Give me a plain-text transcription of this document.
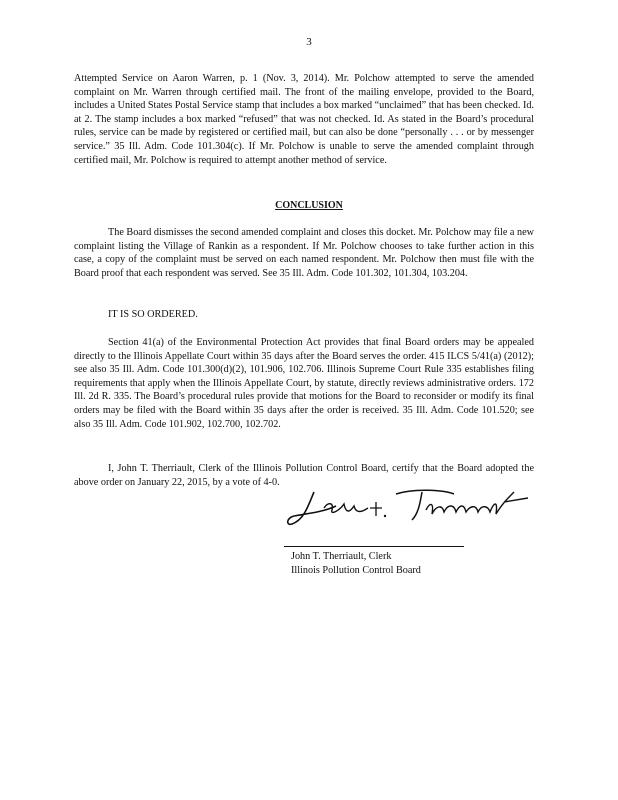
3

Attempted Service on Aaron Warren, p. 1 (Nov. 3, 2014). Mr. Polchow attempted to serve the amended complaint on Mr. Warren through certified mail. The front of the mailing envelope, provided to the Board, includes a United States Postal Service stamp that includes a box marked “unclaimed” that has been checked. Id. at 2. The stamp includes a box marked “refused” that was not checked. Id. As stated in the Board’s procedural rules, service can be made by registered or certified mail, but can also be done “personally . . . or by messenger service.” 35 Ill. Adm. Code 101.304(c). If Mr. Polchow is unable to serve the amended complaint through certified mail, Mr. Polchow is required to attempt another method of service.

CONCLUSION

The Board dismisses the second amended complaint and closes this docket. Mr. Polchow may file a new complaint listing the Village of Rankin as a respondent. If Mr. Polchow chooses to take further action in this case, a copy of the complaint must be served on each named respondent. Mr. Polchow then must file with the Board proof that each respondent was served. See 35 Ill. Adm. Code 101.302, 101.304, 103.204.

IT IS SO ORDERED.

Section 41(a) of the Environmental Protection Act provides that final Board orders may be appealed directly to the Illinois Appellate Court within 35 days after the Board serves the order. 415 ILCS 5/41(a) (2012); see also 35 Ill. Adm. Code 101.300(d)(2), 101.906, 102.706. Illinois Supreme Court Rule 335 establishes filing requirements that apply when the Illinois Appellate Court, by statute, directly reviews administrative orders. 172 Ill. 2d R. 335. The Board’s procedural rules provide that motions for the Board to reconsider or modify its final orders may be filed with the Board within 35 days after the order is received. 35 Ill. Adm. Code 101.520; see also 35 Ill. Adm. Code 101.902, 102.700, 102.702.

I, John T. Therriault, Clerk of the Illinois Pollution Control Board, certify that the Board adopted the above order on January 22, 2015, by a vote of 4-0.	John T. Therriault
John T. Therriault, Clerk
Illinois Pollution Control Board
